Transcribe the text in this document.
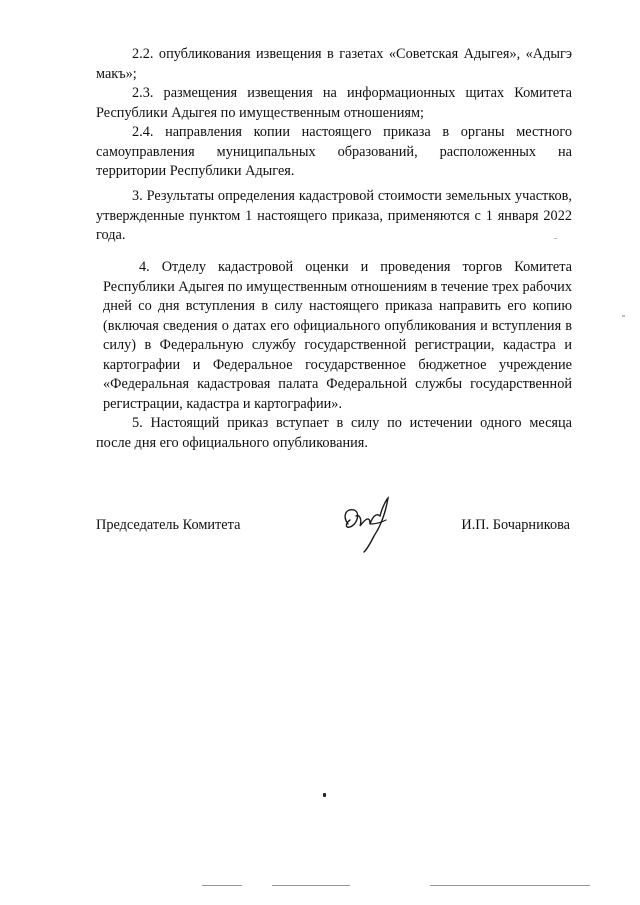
2.2. опубликования извещения в газетах «Советская Адыгея», «Адыгэ макъ»;

2.3. размещения извещения на информационных щитах Комитета Республики Адыгея по имущественным отношениям;

2.4. направления копии настоящего приказа в органы местного самоуправления муниципальных образований, расположенных на территории Республики Адыгея.

3. Результаты определения кадастровой стоимости земельных участков, утвержденные пунктом 1 настоящего приказа, применяются с 1 января 2022 года.

4. Отделу кадастровой оценки и проведения торгов Комитета Республики Адыгея по имущественным отношениям в течение трех рабочих дней со дня вступления в силу настоящего приказа направить его копию (включая сведения о датах его официального опубликования и вступления в силу) в Федеральную службу государственной регистрации, кадастра и картографии и Федеральное государственное бюджетное учреждение «Федеральная кадастровая палата Федеральной службы государственной регистрации, кадастра и картографии».

5. Настоящий приказ вступает в силу по истечении одного месяца после дня его официального опубликования.

Председатель Комитета	И.П. Бочарникова
